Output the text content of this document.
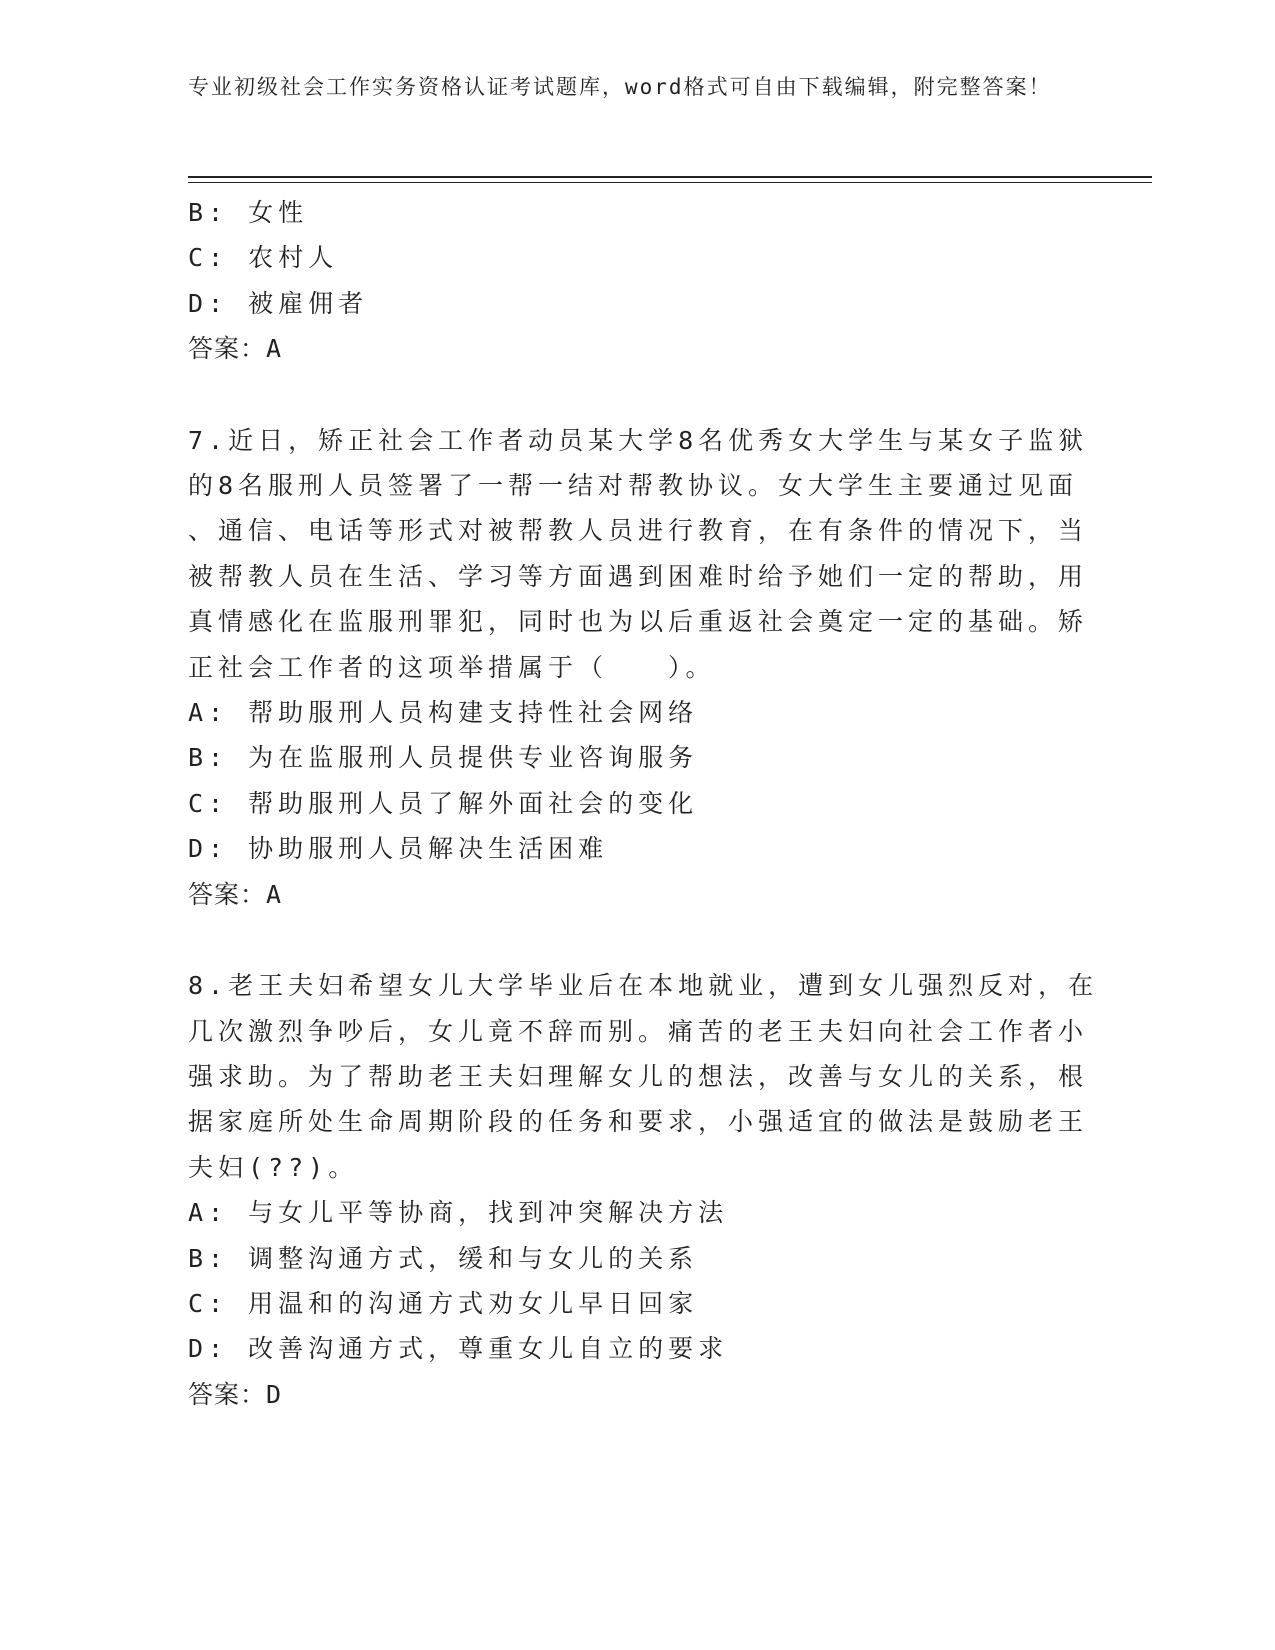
专业初级社会工作实务资格认证考试题库，word格式可自由下载编辑，附完整答案！
B: 女性
C: 农村人
D: 被雇佣者
答案：A
7.近日，矫正社会工作者动员某大学8名优秀女大学生与某女子监狱
的8名服刑人员签署了一帮一结对帮教协议。女大学生主要通过见面
、通信、电话等形式对被帮教人员进行教育，在有条件的情况下，当
被帮教人员在生活、学习等方面遇到困难时给予她们一定的帮助，用
真情感化在监服刑罪犯，同时也为以后重返社会奠定一定的基础。矫
正社会工作者的这项举措属于（　　）。
A: 帮助服刑人员构建支持性社会网络
B: 为在监服刑人员提供专业咨询服务
C: 帮助服刑人员了解外面社会的变化
D: 协助服刑人员解决生活困难
答案：A
8.老王夫妇希望女儿大学毕业后在本地就业，遭到女儿强烈反对，在
几次激烈争吵后，女儿竟不辞而别。痛苦的老王夫妇向社会工作者小
强求助。为了帮助老王夫妇理解女儿的想法，改善与女儿的关系，根
据家庭所处生命周期阶段的任务和要求，小强适宜的做法是鼓励老王
夫妇(??)。
A: 与女儿平等协商，找到冲突解决方法
B: 调整沟通方式，缓和与女儿的关系
C: 用温和的沟通方式劝女儿早日回家
D: 改善沟通方式，尊重女儿自立的要求
答案：D
